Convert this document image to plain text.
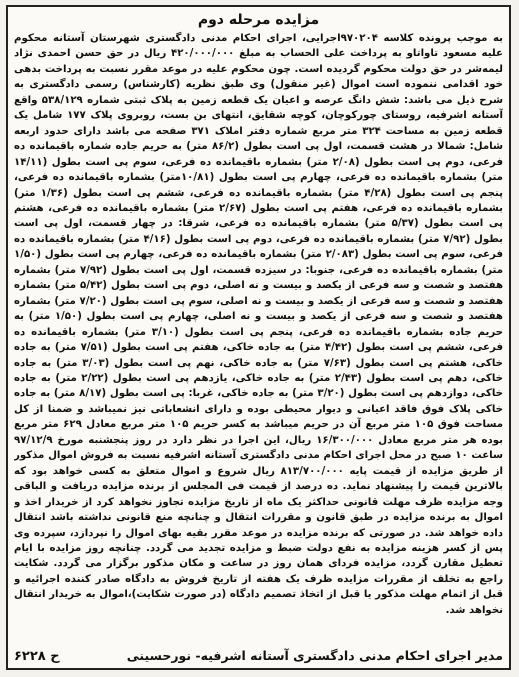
مزایده مرحله دوم

به موجب پرونده کلاسه ۹۷۰۲۰۴اجرایی، اجرای احکام مدنی دادگستری شهرستان آستانه محکوم علیه مسعود تاواتاو به پرداخت علی الحساب به مبلغ ۴۲۰/۰۰۰/۰۰۰ ریال در حق حسن احمدی نژاد لیمه‌شر در حق دولت محکوم گردیده است. چون محکوم علیه در موعد مقرر نسبت به پرداخت بدهی خود اقدامی ننموده است اموال (غیر منقول) وی طبق نظریه (کارشناس) رسمی دادگستری به شرح ذیل می باشد: شش دانگ عرصه و اعیان یک قطعه زمین به پلاک ثبتی شماره ۵۳۸/۱۲۹ واقع آستانه اشرفیه، روستای چورکوچان، کوچه شقایق، انتهای بن بست، روبروی پلاک ۱۷۷ شامل یک قطعه زمین به مساحت ۳۲۴ متر مربع شماره دفتر املاک ۳۷۱ صفحه می باشد دارای حدود اربعه شامل: شمالا در هشت قسمت، اول پی است بطول (۸۶/۲ متر) به حریم جاده شماره باقیمانده ده فرعی، دوم پی است بطول (۲/۰۸ متر) بشماره باقیمانده ده فرعی، سوم پی است بطول (۱۴/۱۱ متر) بشماره باقیمانده ده فرعی، چهارم پی است بطول (۱۰/۸۱متر) بشماره باقیمانده ده فرعی، پنجم پی است بطول (۴/۲۸ متر) بشماره باقیمانده ده فرعی، ششم پی است بطول (۱/۳۶ متر) بشماره باقیمانده ده فرعی، هفتم پی است بطول (۲/۶۷ متر) بشماره باقیمانده ده فرعی، هشتم پی است بطول (۵/۳۷ متر) بشماره باقیمانده ده فرعی، شرقا: در چهار قسمت، اول پی است بطول (۷/۹۲ متر) بشماره باقیمانده ده فرعی، دوم پی است بطول (۴/۱۶ متر) بشماره باقیمانده ده فرعی، سوم پی است بطول (۲/۰۸۳ متر) بشماره باقیمانده ده فرعی، چهارم پی است بطول (۱/۵۰ متر) بشماره باقیمانده ده فرعی، جنوبا: در سیزده قسمت، اول پی است بطول (۷/۹۲ متر) بشماره هفتصد و شصت و سه فرعی از یکصد و بیست و نه اصلی، دوم پی است بطول (۵/۴۲ متر) بشماره هفتصد و شصت و سه فرعی از یکصد و بیست و نه اصلی، سوم پی است بطول (۷/۲۰ متر) بشماره هفتصد و شصت و سه فرعی از یکصد و بیست و نه اصلی، چهارم پی است بطول (۱/۵۰ متر) به حریم جاده بشماره باقیمانده ده فرعی، پنجم پی است بطول (۳/۱۰ متر) بشماره باقیمانده ده فرعی، ششم پی است بطول (۴/۴۲ متر) به جاده خاکی، هفتم پی است بطول (۷/۵۱ متر) به جاده خاکی، هشتم پی است بطول (۷/۶۳ متر) به جاده خاکی، نهم پی است بطول (۳/۰۳ متر) به جاده خاکی، دهم پی است بطول (۲/۴۳ متر) به جاده خاکی، یازدهم پی است بطول (۲/۲۲ متر) به جاده خاکی، دوازدهم پی است بطول (۳/۲۰ متر) به جاده خاکی، غربا: پی است بطول (۸/۱۷ متر) به جاده خاکی پلاک فوق فاقد اعیانی و دیوار محیطی بوده و دارای انشعاباتی نیز نمیباشد و ضمنا از کل مساحت فوق ۱۰۵ متر مربع آن در حریم میباشد به کسر حریم ۱۰۵ متر مربع معادل ۶۲۹ متر مربع بوده هر متر مربع معادل ۱۶/۳۰۰/۰۰۰ ریال، این اجرا در نظر دارد در روز پنجشنبه مورخ ۹۷/۱۲/۹ ساعت ۱۰ صبح در محل اجرای احکام مدنی دادگستری آستانه اشرفیه نسبت به فروش اموال مذکور از طریق مزایده از قیمت پایه ۸۱۳/۷۰۰/۰۰۰ ریال شروع و اموال متعلق به کسی خواهد بود که بالاترین قیمت را پیشنهاد نماید. ده درصد از قیمت فی المجلس از برنده مزایده دریافت و الباقی وجه مزایده ظرف مهلت قانونی حداکثر یک ماه از تاریخ مزایده تجاوز نخواهد کرد از خریدار اخذ و اموال به برنده مزایده در طبق قانون و مقررات انتقال و چنانچه منع قانونی نداشته باشد انتقال داده خواهد شد. در صورتی که برنده مزایده در موعد مقرر بقیه بهای اموال را نپردازد، سپرده وی پس از کسر هزینه مزایده به نفع دولت ضبط و مزایده تجدید می گردد. چنانچه روز مزایده با ایام تعطیل مقارن گردد، مزایده فردای همان روز در ساعت و مکان مذکور برگزار می گردد. شکایت راجع به تخلف از مقررات مزایده ظرف یک هفته از تاریخ فروش به دادگاه صادر کننده اجرائیه و قبل از اتمام مهلت مذکور یا قبل از اتخاذ تصمیم دادگاه (در صورت شکایت)،اموال به خریدار انتقال نخواهد شد.

مدیر اجرای احکام مدنی دادگستری آستانه اشرفیه- نورحسینی
ح ۶۲۲۸
